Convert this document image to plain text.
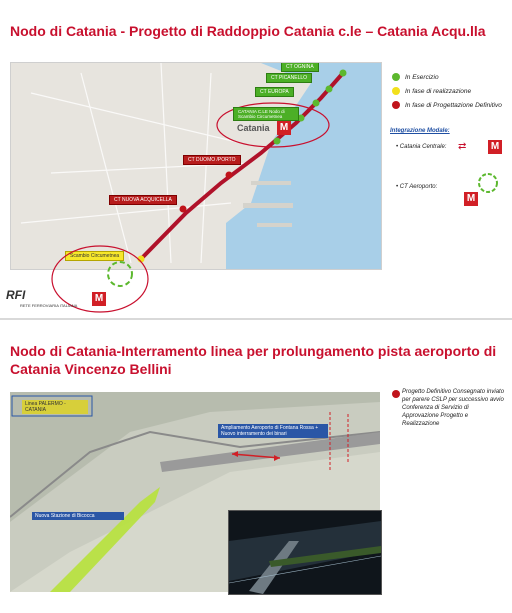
Nodo di Catania - Progetto di Raddoppio Catania c.le – Catania Acqu.lla
CT OGNINA
CT PICANELLO
CT EUROPA
CATANIA C.LE Nodo di Scambio Circumetnea
CT DUOMO /PORTO
CT NUOVA ACQUICELLA
Scambio Circumetnea
Catania M
M
In Esercizio
In fase di realizzazione
In fase di Progettazione Definitivo
Integrazione Modale:
• Catania Centrale:	M
⇄
• CT Aeroporto:
M
RFI
RETE FERROVIARIA ITALIANA
Nodo di Catania-Interramento linea per prolungamento pista aeroporto di
Catania Vincenzo Bellini
Linea PALERMO - CATANIA
Ampliamento Aeroporto di Fontana Rossa + Nuovo interramento dei binari
Nuova Stazione di Bicocca
Progetto Definitivo Consegnato inviato per parere CSLP per successivo avvio Conferenza di Servizio di Approvazione Progetto e Realizzazione
